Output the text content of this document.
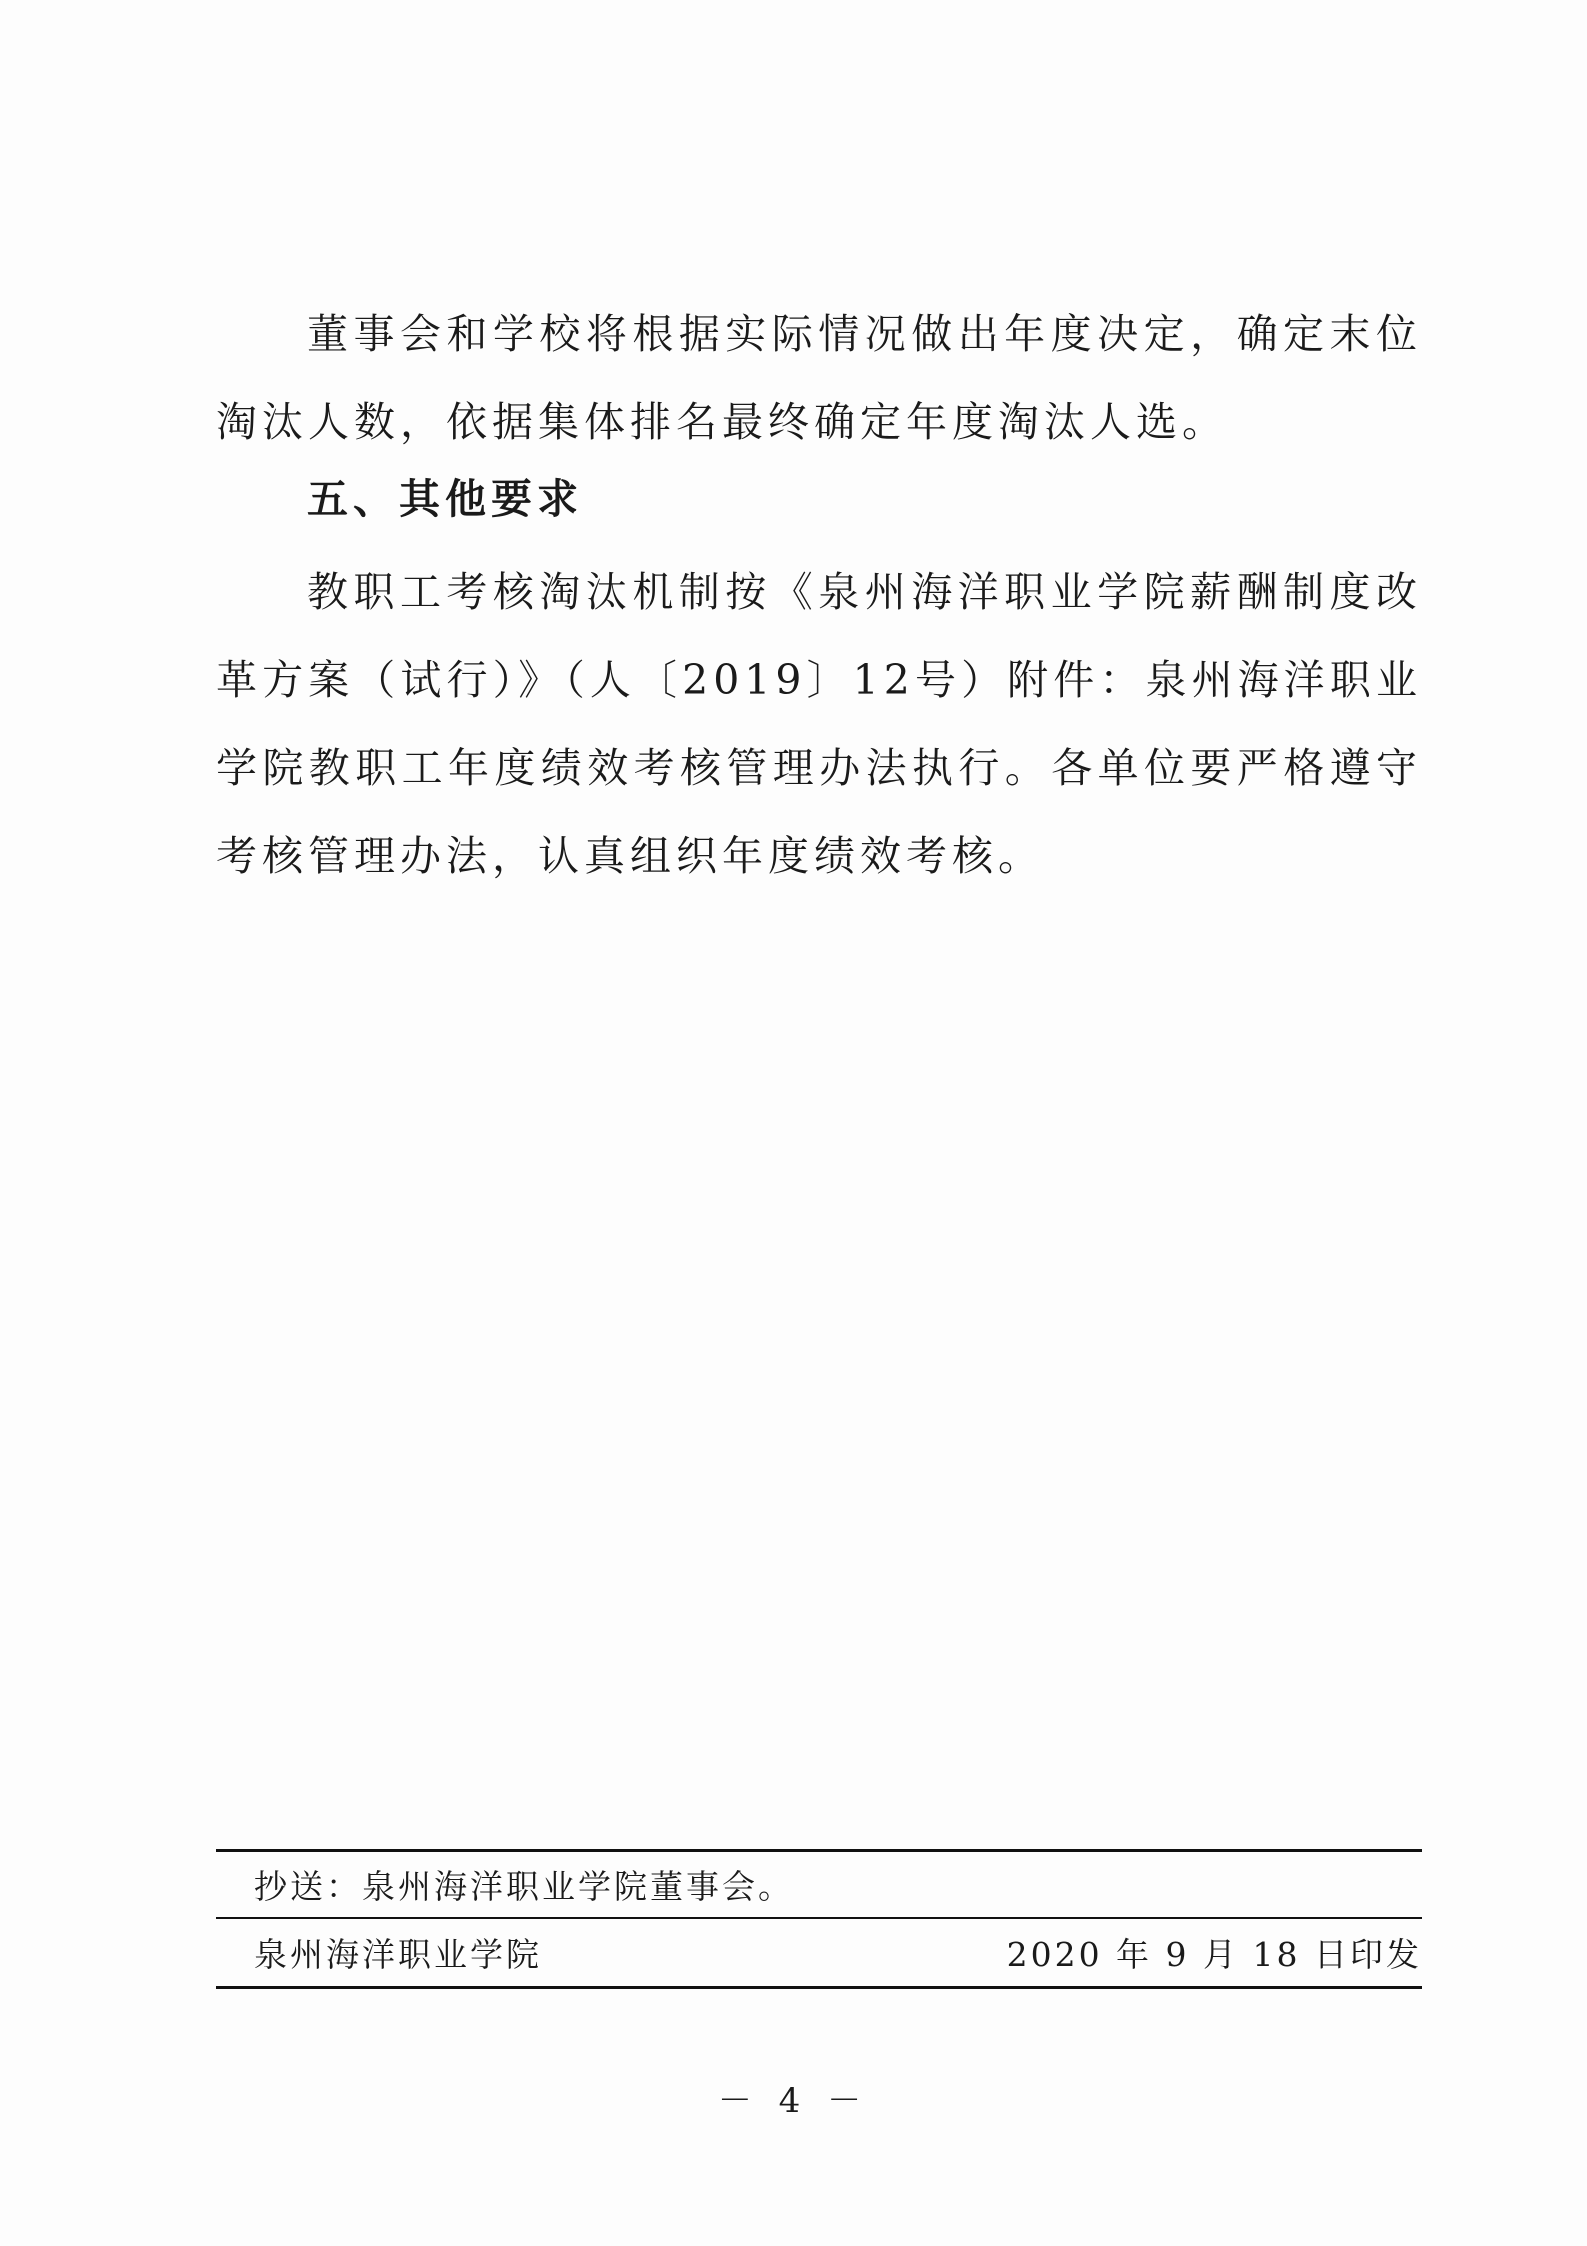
董事会和学校将根据实际情况做出年度决定，确定末位淘汰人数，依据集体排名最终确定年度淘汰人选。

五、其他要求

教职工考核淘汰机制按《泉州海洋职业学院薪酬制度改革方案（试行）》（人〔2019〕12号）附件：泉州海洋职业学院教职工年度绩效考核管理办法执行。各单位要严格遵守考核管理办法，认真组织年度绩效考核。

抄送：泉州海洋职业学院董事会。
泉州海洋职业学院	2020 年 9 月 18 日印发
－ 4 －
